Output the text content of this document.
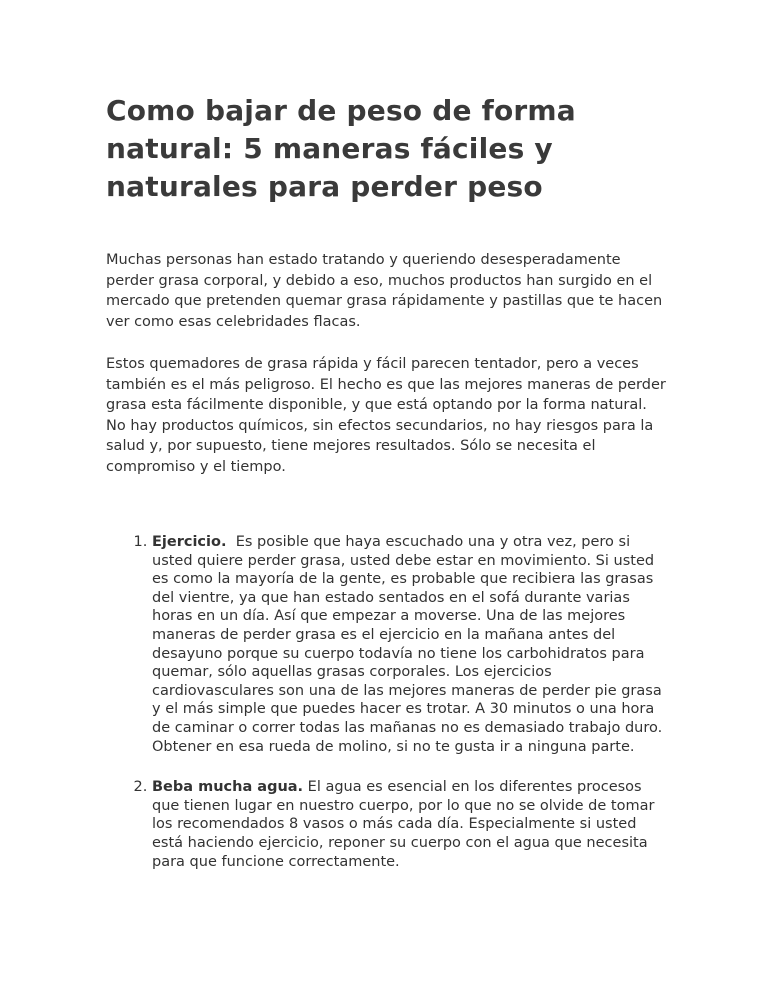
Como bajar de peso de forma natural: 5 maneras fáciles y naturales para perder peso

Muchas personas han estado tratando y queriendo desesperadamente perder grasa corporal, y debido a eso, muchos productos han surgido en el mercado que pretenden quemar grasa rápidamente y pastillas que te hacen ver como esas celebridades flacas.

Estos quemadores de grasa rápida y fácil parecen tentador, pero a veces también es el más peligroso. El hecho es que las mejores maneras de perder grasa esta fácilmente disponible, y que está optando por la forma natural. No hay productos químicos, sin efectos secundarios, no hay riesgos para la salud y, por supuesto, tiene mejores resultados. Sólo se necesita el compromiso y el tiempo.

1. Ejercicio. Es posible que haya escuchado una y otra vez, pero si usted quiere perder grasa, usted debe estar en movimiento. Si usted es como la mayoría de la gente, es probable que recibiera las grasas del vientre, ya que han estado sentados en el sofá durante varias horas en un día. Así que empezar a moverse. Una de las mejores maneras de perder grasa es el ejercicio en la mañana antes del desayuno porque su cuerpo todavía no tiene los carbohidratos para quemar, sólo aquellas grasas corporales. Los ejercicios cardiovasculares son una de las mejores maneras de perder pie grasa y el más simple que puedes hacer es trotar. A 30 minutos o una hora de caminar o correr todas las mañanas no es demasiado trabajo duro. Obtener en esa rueda de molino, si no te gusta ir a ninguna parte.
2. Beba mucha agua. El agua es esencial en los diferentes procesos que tienen lugar en nuestro cuerpo, por lo que no se olvide de tomar los recomendados 8 vasos o más cada día. Especialmente si usted está haciendo ejercicio, reponer su cuerpo con el agua que necesita para que funcione correctamente.
